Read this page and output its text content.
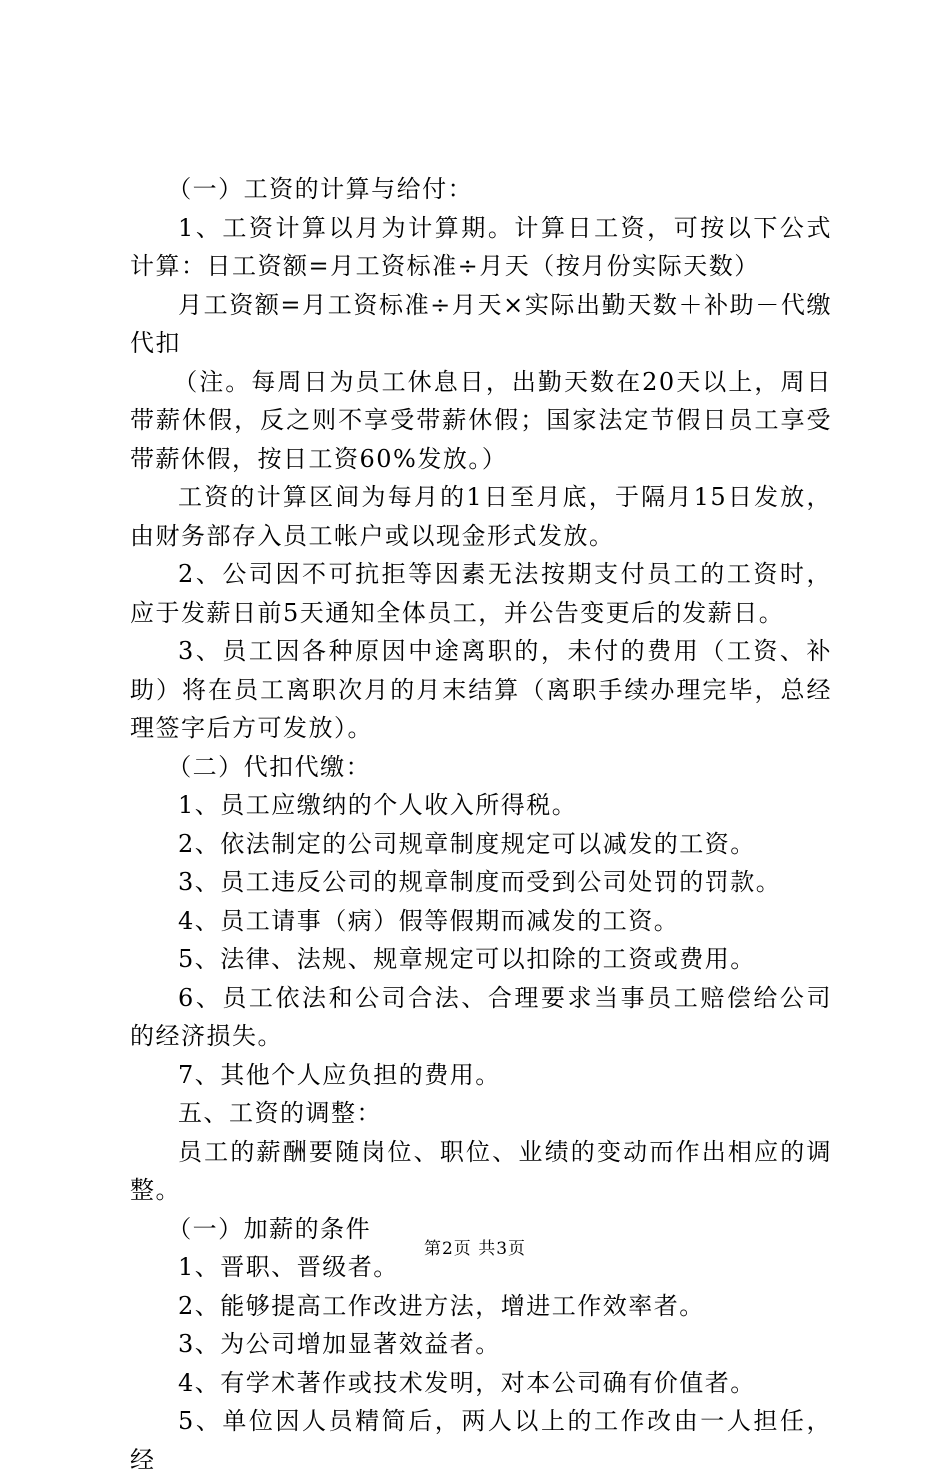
（一）工资的计算与给付：

1、工资计算以月为计算期。计算日工资，可按以下公式计算：日工资额=月工资标准÷月天（按月份实际天数）

月工资额=月工资标准÷月天×实际出勤天数＋补助－代缴代扣

（注。每周日为员工休息日，出勤天数在20天以上，周日带薪休假，反之则不享受带薪休假；国家法定节假日员工享受带薪休假，按日工资60%发放。）

工资的计算区间为每月的1日至月底，于隔月15日发放，由财务部存入员工帐户或以现金形式发放。

2、公司因不可抗拒等因素无法按期支付员工的工资时，应于发薪日前5天通知全体员工，并公告变更后的发薪日。

3、员工因各种原因中途离职的，未付的费用（工资、补助）将在员工离职次月的月末结算（离职手续办理完毕，总经理签字后方可发放）。

（二）代扣代缴：

1、员工应缴纳的个人收入所得税。

2、依法制定的公司规章制度规定可以减发的工资。

3、员工违反公司的规章制度而受到公司处罚的罚款。

4、员工请事（病）假等假期而减发的工资。

5、法律、法规、规章规定可以扣除的工资或费用。

6、员工依法和公司合法、合理要求当事员工赔偿给公司的经济损失。

7、其他个人应负担的费用。

五、工资的调整：

员工的薪酬要随岗位、职位、业绩的变动而作出相应的调整。

（一）加薪的条件

1、晋职、晋级者。

2、能够提高工作改进方法，增进工作效率者。

3、为公司增加显著效益者。

4、有学术著作或技术发明，对本公司确有价值者。

5、单位因人员精简后，两人以上的工作改由一人担任，经

第2页 共3页
